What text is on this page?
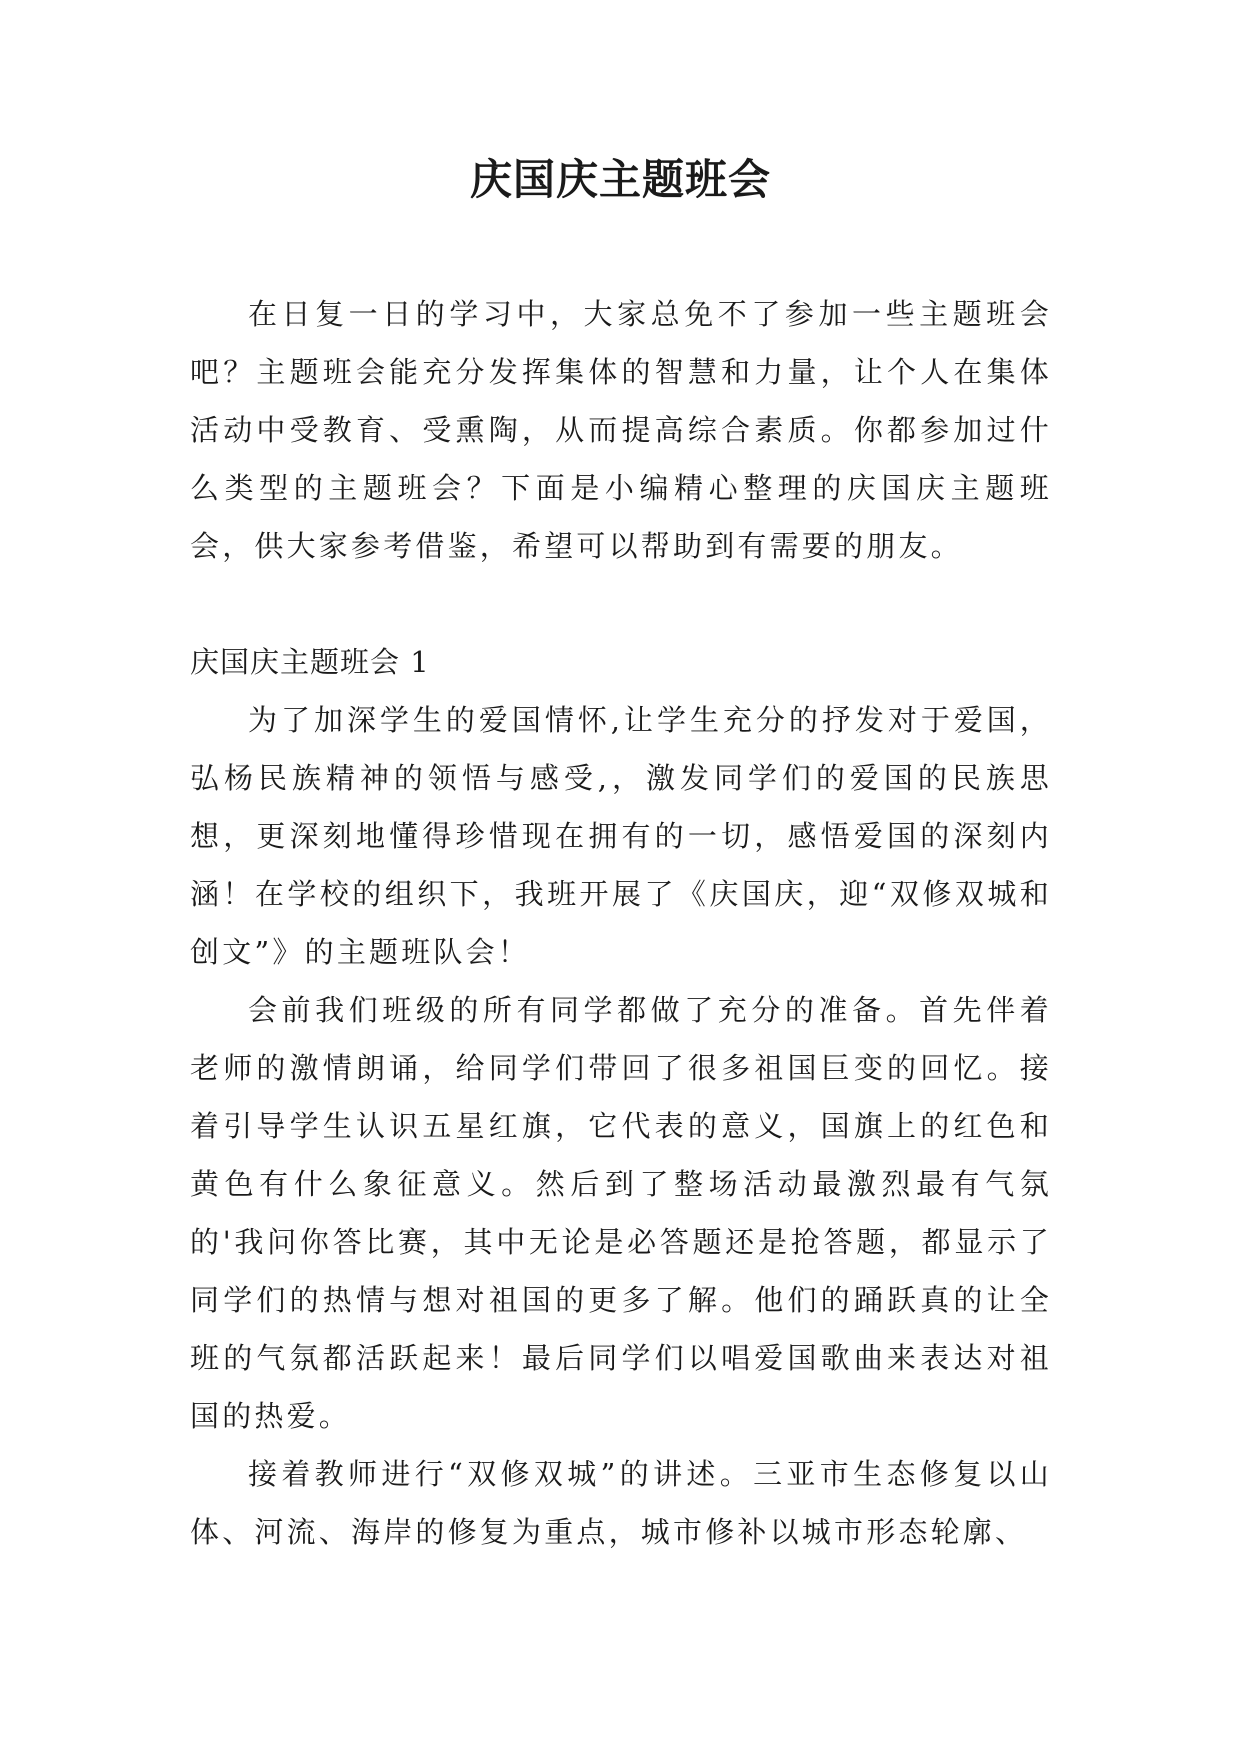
庆国庆主题班会

在日复一日的学习中，大家总免不了参加一些主题班会吧？主题班会能充分发挥集体的智慧和力量，让个人在集体活动中受教育、受熏陶，从而提高综合素质。你都参加过什么类型的主题班会？下面是小编精心整理的庆国庆主题班会，供大家参考借鉴，希望可以帮助到有需要的朋友。

庆国庆主题班会 1

为了加深学生的爱国情怀,让学生充分的抒发对于爱国，弘杨民族精神的领悟与感受,，激发同学们的爱国的民族思想，更深刻地懂得珍惜现在拥有的一切，感悟爱国的深刻内涵！在学校的组织下，我班开展了《庆国庆，迎“双修双城和创文”》的主题班队会！

会前我们班级的所有同学都做了充分的准备。首先伴着老师的激情朗诵，给同学们带回了很多祖国巨变的回忆。接着引导学生认识五星红旗，它代表的意义，国旗上的红色和黄色有什么象征意义。然后到了整场活动最激烈最有气氛的'我问你答比赛，其中无论是必答题还是抢答题，都显示了同学们的热情与想对祖国的更多了解。他们的踊跃真的让全班的气氛都活跃起来！最后同学们以唱爱国歌曲来表达对祖国的热爱。

接着教师进行“双修双城”的讲述。三亚市生态修复以山体、河流、海岸的修复为重点，城市修补以城市形态轮廓、
